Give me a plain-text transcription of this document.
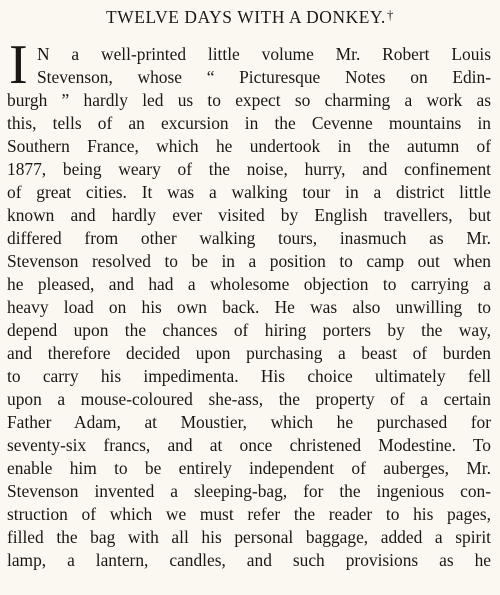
TWELVE DAYS WITH A DONKEY.†
I N a well-printed little volume Mr. Robert Louis
Stevenson, whose “ Picturesque Notes on Edin-
burgh ” hardly led us to expect so charming a work as
this, tells of an excursion in the Cevenne mountains in
Southern France, which he undertook in the autumn of
1877, being weary of the noise, hurry, and confinement
of great cities. It was a walking tour in a district little
known and hardly ever visited by English travellers, but
differed from other walking tours, inasmuch as Mr.
Stevenson resolved to be in a position to camp out when
he pleased, and had a wholesome objection to carrying a
heavy load on his own back. He was also unwilling to
depend upon the chances of hiring porters by the way,
and therefore decided upon purchasing a beast of burden
to carry his impedimenta. His choice ultimately fell
upon a mouse-coloured she-ass, the property of a certain
Father Adam, at Moustier, which he purchased for
seventy-six francs, and at once christened Modestine. To
enable him to be entirely independent of auberges, Mr.
Stevenson invented a sleeping-bag, for the ingenious con-
struction of which we must refer the reader to his pages,
filled the bag with all his personal baggage, added a spirit
lamp, a lantern, candles, and such provisions as he
